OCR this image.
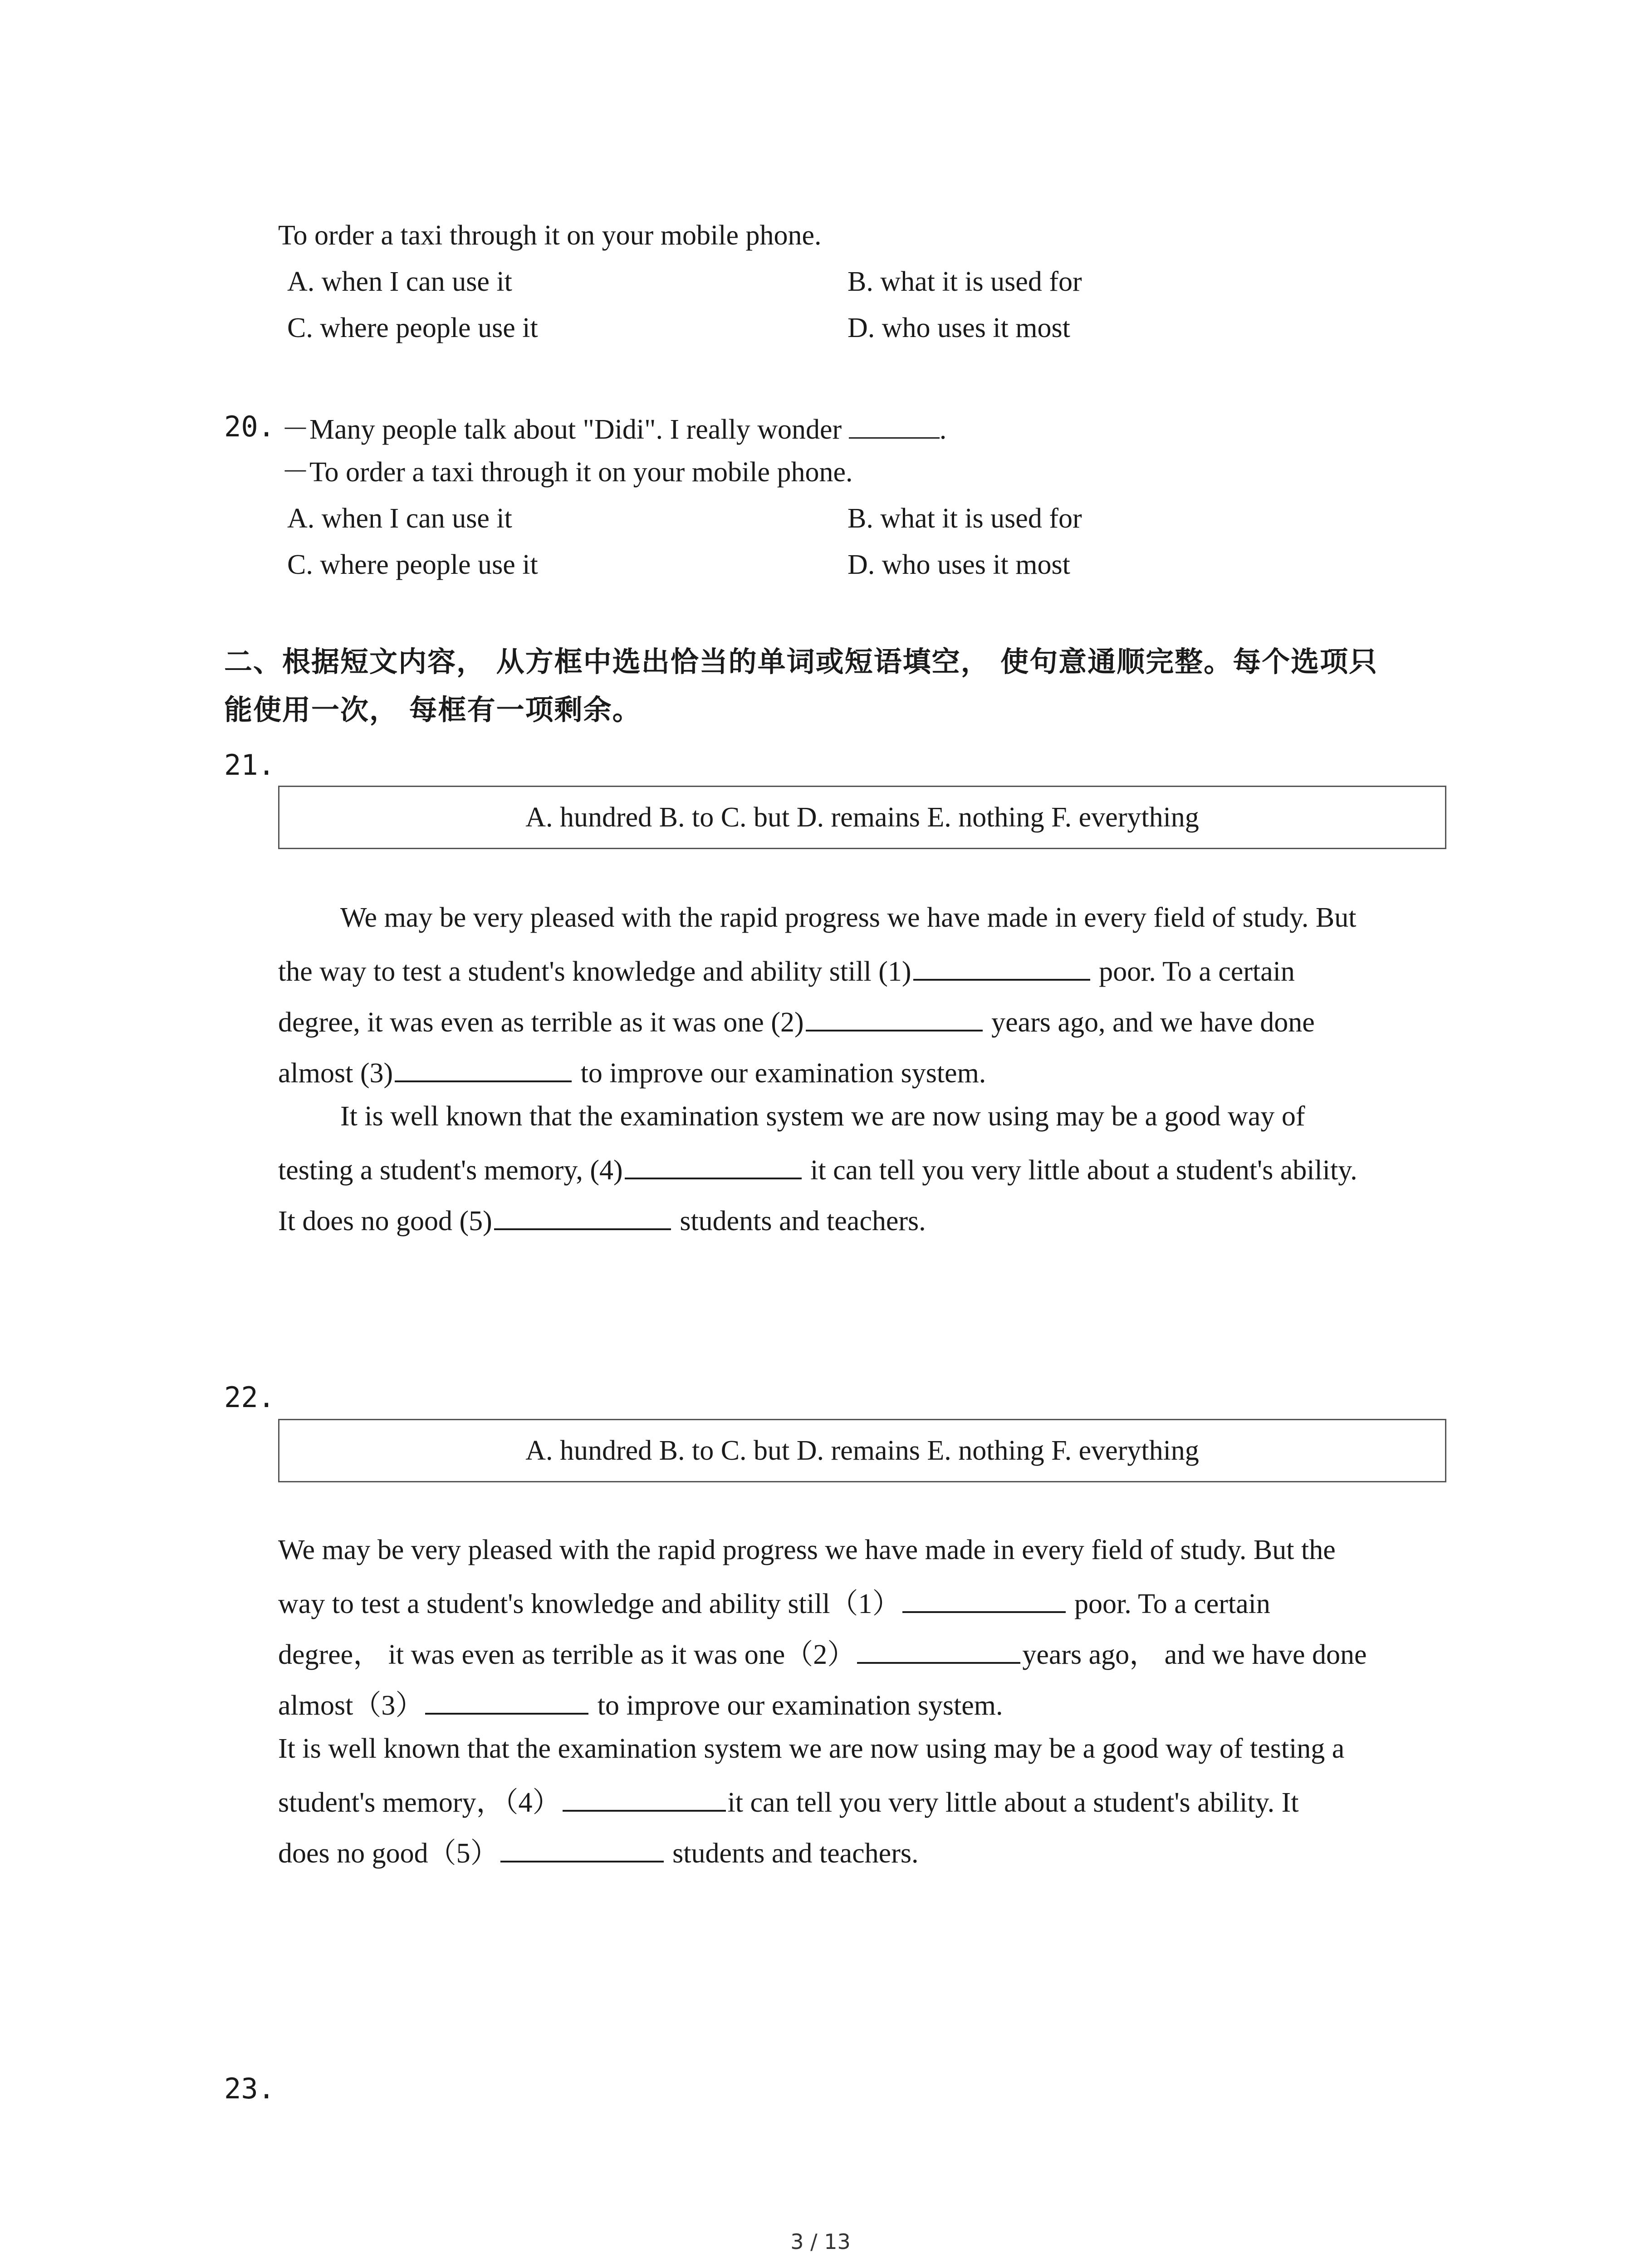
To order a taxi through it on your mobile phone.
A. when I can use it	B. what it is used for
C. where people use it	D. who uses it most
20. －Many people talk about "Didi". I really wonder	.
－To order a taxi through it on your mobile phone.
A. when I can use it	B. what it is used for
C. where people use it	D. who uses it most
二、根据短文内容， 从方框中选出恰当的单词或短语填空， 使句意通顺完整。每个选项只
能使用一次， 每框有一项剩余。
21.
A. hundred B. to C. but D. remains E. nothing F. everything
We may be very pleased with the rapid progress we have made in every field of study. But
the way to test a student's knowledge and ability still (1)	poor. To a certain
degree, it was even as terrible as it was one (2)	years ago, and we have done
almost (3)	to improve our examination system.
It is well known that the examination system we are now using may be a good way of
testing a student's memory, (4)	it can tell you very little about a student's ability.
It does no good (5)	students and teachers.
22.
A. hundred B. to C. but D. remains E. nothing F. everything
We may be very pleased with the rapid progress we have made in every field of study. But the
way to test a student's knowledge and ability still（1）	poor. To a certain
degree， it was even as terrible as it was one（2）	years ago， and we have done
almost（3）	to improve our examination system.
It is well known that the examination system we are now using may be a good way of testing a
student's memory，（4）	it can tell you very little about a student's ability. It
does no good（5）	students and teachers.
23.
3 / 13
